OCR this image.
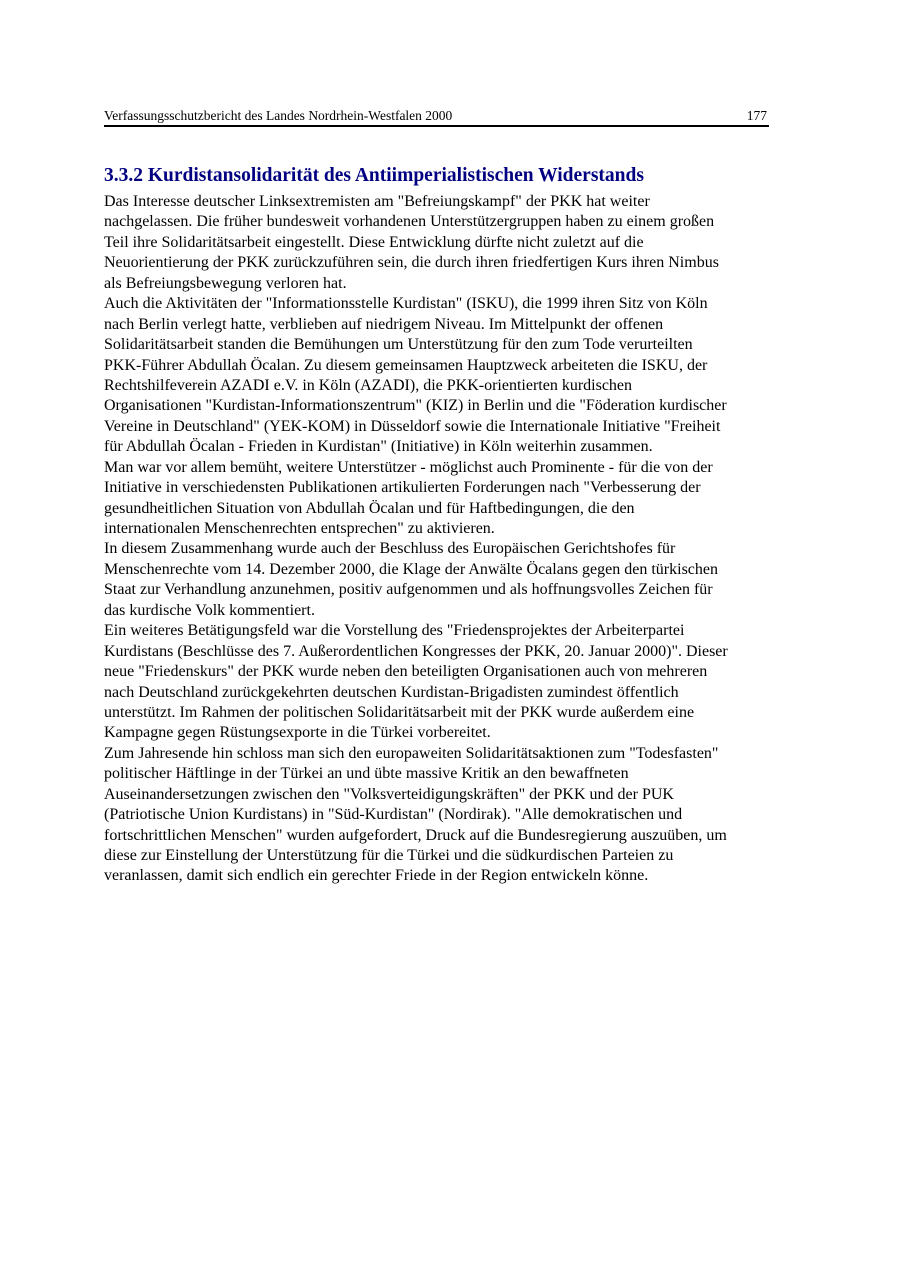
Verfassungsschutzbericht des Landes Nordrhein-Westfalen 2000	177
3.3.2 Kurdistansolidarität des Antiimperialistischen Widerstands
Das Interesse deutscher Linksextremisten am "Befreiungskampf" der PKK hat weiter
nachgelassen. Die früher bundesweit vorhandenen Unterstützergruppen haben zu einem großen
Teil ihre Solidaritätsarbeit eingestellt. Diese Entwicklung dürfte nicht zuletzt auf die
Neuorientierung der PKK zurückzuführen sein, die durch ihren friedfertigen Kurs ihren Nimbus
als Befreiungsbewegung verloren hat.
Auch die Aktivitäten der "Informationsstelle Kurdistan" (ISKU), die 1999 ihren Sitz von Köln
nach Berlin verlegt hatte, verblieben auf niedrigem Niveau. Im Mittelpunkt der offenen
Solidaritätsarbeit standen die Bemühungen um Unterstützung für den zum Tode verurteilten
PKK-Führer Abdullah Öcalan. Zu diesem gemeinsamen Hauptzweck arbeiteten die ISKU, der
Rechtshilfeverein AZADI e.V. in Köln (AZADI), die PKK-orientierten kurdischen
Organisationen "Kurdistan-Informationszentrum" (KIZ) in Berlin und die "Föderation kurdischer
Vereine in Deutschland" (YEK-KOM) in Düsseldorf sowie die Internationale Initiative "Freiheit
für Abdullah Öcalan - Frieden in Kurdistan" (Initiative) in Köln weiterhin zusammen.
Man war vor allem bemüht, weitere Unterstützer - möglichst auch Prominente - für die von der
Initiative in verschiedensten Publikationen artikulierten Forderungen nach "Verbesserung der
gesundheitlichen Situation von Abdullah Öcalan und für Haftbedingungen, die den
internationalen Menschenrechten entsprechen" zu aktivieren.
In diesem Zusammenhang wurde auch der Beschluss des Europäischen Gerichtshofes für
Menschenrechte vom 14. Dezember 2000, die Klage der Anwälte Öcalans gegen den türkischen
Staat zur Verhandlung anzunehmen, positiv aufgenommen und als hoffnungsvolles Zeichen für
das kurdische Volk kommentiert.
Ein weiteres Betätigungsfeld war die Vorstellung des "Friedensprojektes der Arbeiterpartei
Kurdistans (Beschlüsse des 7. Außerordentlichen Kongresses der PKK, 20. Januar 2000)". Dieser
neue "Friedenskurs" der PKK wurde neben den beteiligten Organisationen auch von mehreren
nach Deutschland zurückgekehrten deutschen Kurdistan-Brigadisten zumindest öffentlich
unterstützt. Im Rahmen der politischen Solidaritätsarbeit mit der PKK wurde außerdem eine
Kampagne gegen Rüstungsexporte in die Türkei vorbereitet.
Zum Jahresende hin schloss man sich den europaweiten Solidaritätsaktionen zum "Todesfasten"
politischer Häftlinge in der Türkei an und übte massive Kritik an den bewaffneten
Auseinandersetzungen zwischen den "Volksverteidigungskräften" der PKK und der PUK
(Patriotische Union Kurdistans) in "Süd-Kurdistan" (Nordirak). "Alle demokratischen und
fortschrittlichen Menschen" wurden aufgefordert, Druck auf die Bundesregierung auszuüben, um
diese zur Einstellung der Unterstützung für die Türkei und die südkurdischen Parteien zu
veranlassen, damit sich endlich ein gerechter Friede in der Region entwickeln könne.
